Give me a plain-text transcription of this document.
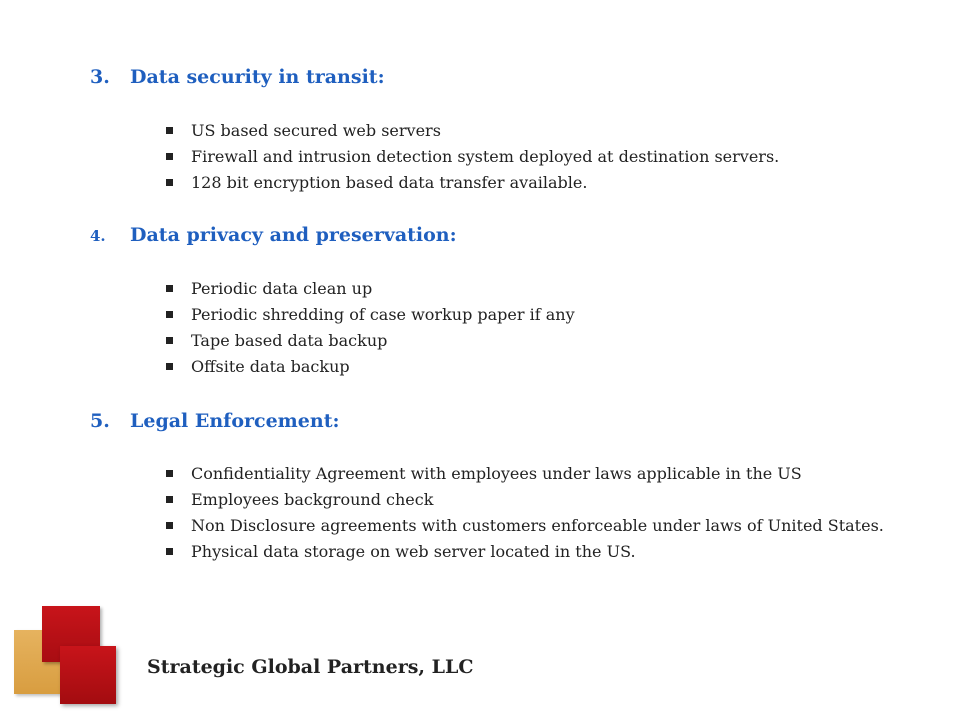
3. Data security in transit:
US based secured web servers
Firewall and intrusion detection system deployed at destination servers.
128 bit encryption based data transfer available.
4. Data privacy and preservation:
Periodic data clean up
Periodic shredding of case workup paper if any
Tape based data backup
Offsite data backup
5. Legal Enforcement:
Confidentiality Agreement with employees under laws applicable in the US
Employees background check
Non Disclosure agreements with customers enforceable under laws of United States.
Physical data storage on web server located in the US.
Strategic Global Partners, LLC
